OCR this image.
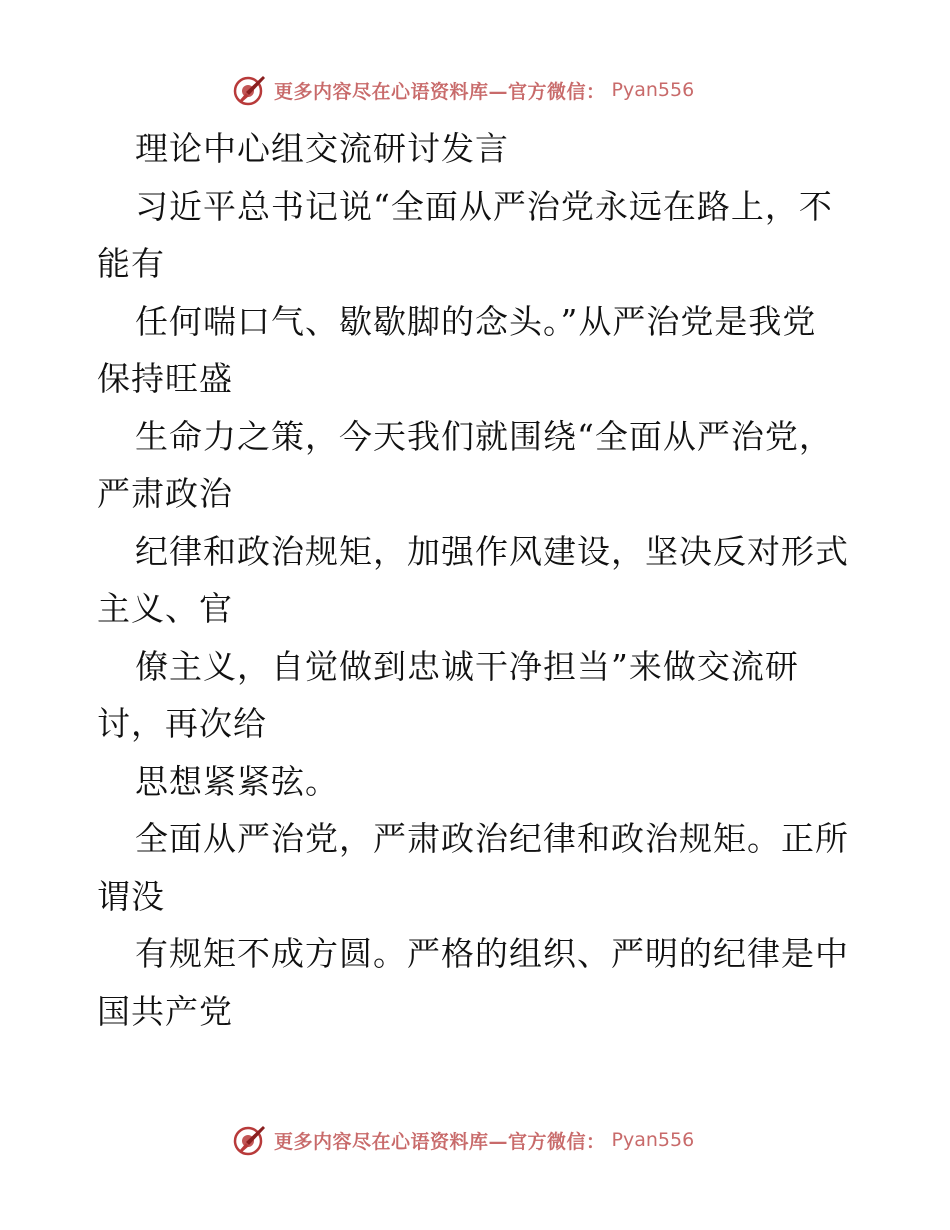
更多内容尽在心语资料库—官方微信： Pyan556
理论中心组交流研讨发言
习近平总书记说“全面从严治党永远在路上，不
能有
任何喘口气、歇歇脚的念头。”从严治党是我党
保持旺盛
生命力之策，今天我们就围绕“全面从严治党，
严肃政治
纪律和政治规矩，加强作风建设，坚决反对形式
主义、官
僚主义，自觉做到忠诚干净担当”来做交流研
讨，再次给
思想紧紧弦。
全面从严治党，严肃政治纪律和政治规矩。正所
谓没
有规矩不成方圆。严格的组织、严明的纪律是中
国共产党
更多内容尽在心语资料库—官方微信： Pyan556
